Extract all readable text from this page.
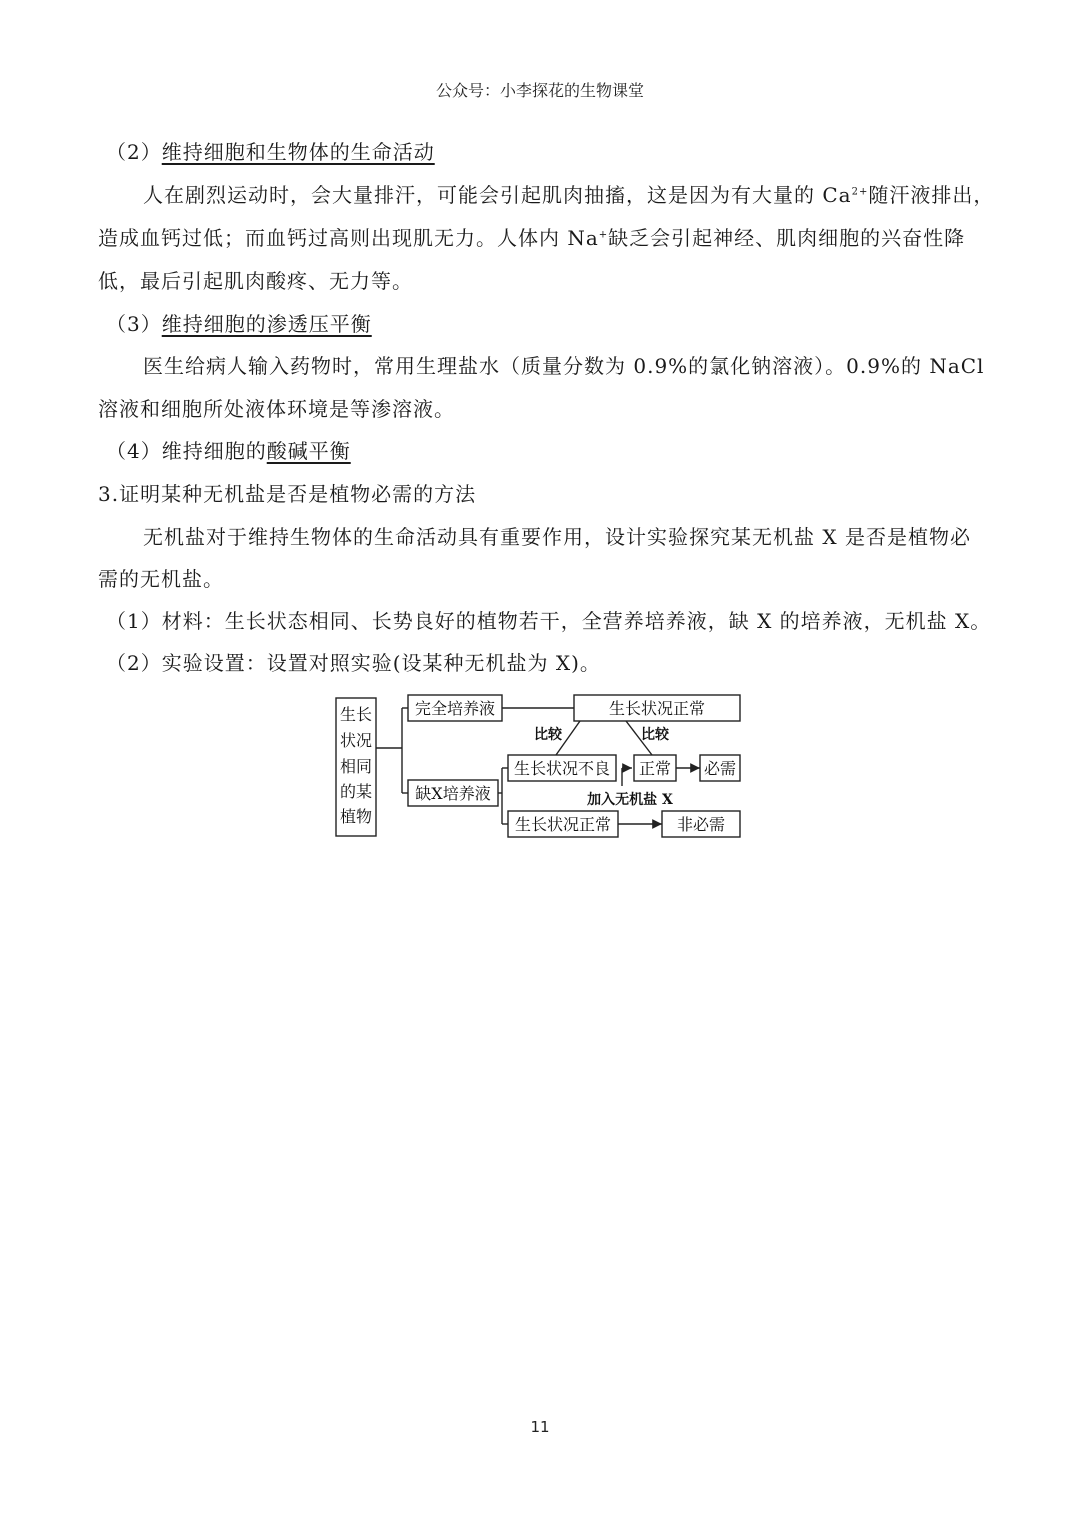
公众号：小李探花的生物课堂
（2）维持细胞和生物体的生命活动
人在剧烈运动时，会大量排汗，可能会引起肌肉抽搐，这是因为有大量的 $Ca^{2+}$随汗液排出，
造成血钙过低；而血钙过高则出现肌无力。人体内 Na+缺乏会引起神经、肌肉细胞的兴奋性降
低，最后引起肌肉酸疼、无力等。
（3）维持细胞的渗透压平衡
医生给病人输入药物时，常用生理盐水（质量分数为 0.9%的氯化钠溶液）。0.9%的 NaCl
溶液和细胞所处液体环境是等渗溶液。
（4）维持细胞的酸碱平衡
3.证明某种无机盐是否是植物必需的方法
无机盐对于维持生物体的生命活动具有重要作用，设计实验探究某无机盐 X 是否是植物必
需的无机盐。
（1）材料：生长状态相同、长势良好的植物若干，全营养培养液，缺 X 的培养液，无机盐 X。
（2）实验设置：设置对照实验(设某种无机盐为 X)。
生长
状况
相同
的某
植物
完全培养液
缺X培养液
生长状况正常
比较	比较
生长状况不良 正常 必需
加入无机盐 X
生长状况正常	非必需
11
